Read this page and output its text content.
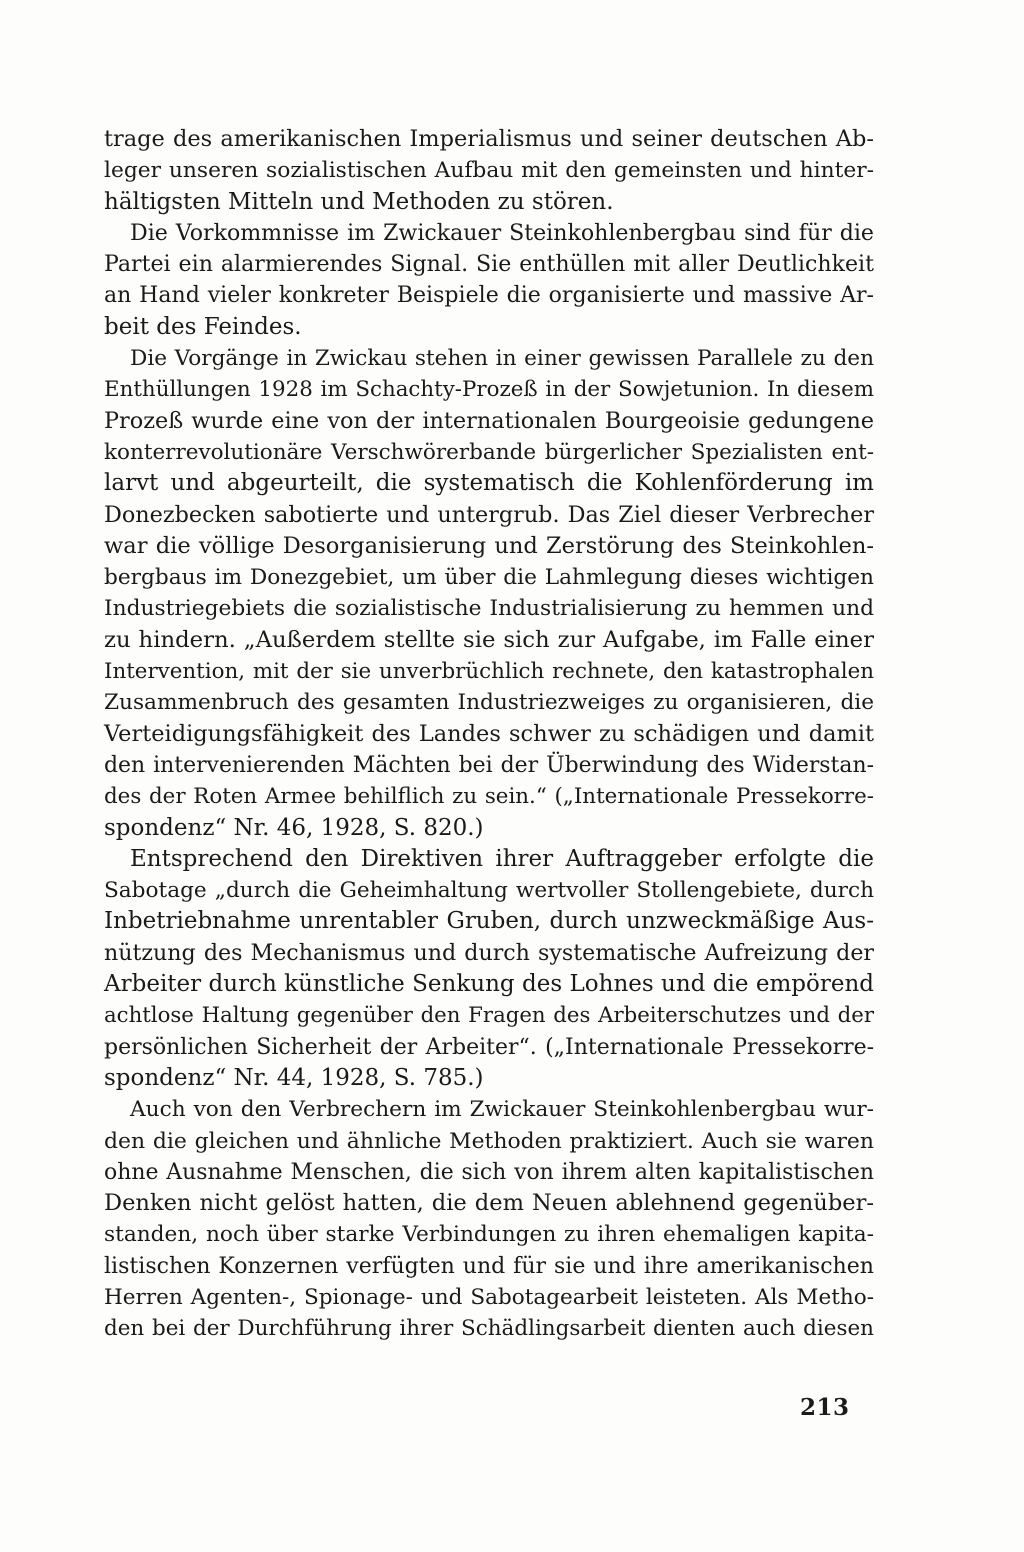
trage des amerikanischen Imperialismus und seiner deutschen Ab-
leger unseren sozialistischen Aufbau mit den gemeinsten und hinter-
hältigsten Mitteln und Methoden zu stören.
Die Vorkommnisse im Zwickauer Steinkohlenbergbau sind für die
Partei ein alarmierendes Signal. Sie enthüllen mit aller Deutlichkeit
an Hand vieler konkreter Beispiele die organisierte und massive Ar-
beit des Feindes.
Die Vorgänge in Zwickau stehen in einer gewissen Parallele zu den
Enthüllungen 1928 im Schachty-Prozeß in der Sowjetunion. In diesem
Prozeß wurde eine von der internationalen Bourgeoisie gedungene
konterrevolutionäre Verschwörerbande bürgerlicher Spezialisten ent-
larvt und abgeurteilt, die systematisch die Kohlenförderung im
Donezbecken sabotierte und untergrub. Das Ziel dieser Verbrecher
war die völlige Desorganisierung und Zerstörung des Steinkohlen-
bergbaus im Donezgebiet, um über die Lahmlegung dieses wichtigen
Industriegebiets die sozialistische Industrialisierung zu hemmen und
zu hindern. „Außerdem stellte sie sich zur Aufgabe, im Falle einer
Intervention, mit der sie unverbrüchlich rechnete, den katastrophalen
Zusammenbruch des gesamten Industriezweiges zu organisieren, die
Verteidigungsfähigkeit des Landes schwer zu schädigen und damit
den intervenierenden Mächten bei der Überwindung des Widerstan-
des der Roten Armee behilflich zu sein.“ („Internationale Pressekorre-
spondenz“ Nr. 46, 1928, S. 820.)
Entsprechend den Direktiven ihrer Auftraggeber erfolgte die
Sabotage „durch die Geheimhaltung wertvoller Stollengebiete, durch
Inbetriebnahme unrentabler Gruben, durch unzweckmäßige Aus-
nützung des Mechanismus und durch systematische Aufreizung der
Arbeiter durch künstliche Senkung des Lohnes und die empörend
achtlose Haltung gegenüber den Fragen des Arbeiterschutzes und der
persönlichen Sicherheit der Arbeiter“. („Internationale Pressekorre-
spondenz“ Nr. 44, 1928, S. 785.)
Auch von den Verbrechern im Zwickauer Steinkohlenbergbau wur-
den die gleichen und ähnliche Methoden praktiziert. Auch sie waren
ohne Ausnahme Menschen, die sich von ihrem alten kapitalistischen
Denken nicht gelöst hatten, die dem Neuen ablehnend gegenüber-
standen, noch über starke Verbindungen zu ihren ehemaligen kapita-
listischen Konzernen verfügten und für sie und ihre amerikanischen
Herren Agenten-, Spionage- und Sabotagearbeit leisteten. Als Metho-
den bei der Durchführung ihrer Schädlingsarbeit dienten auch diesen
213
